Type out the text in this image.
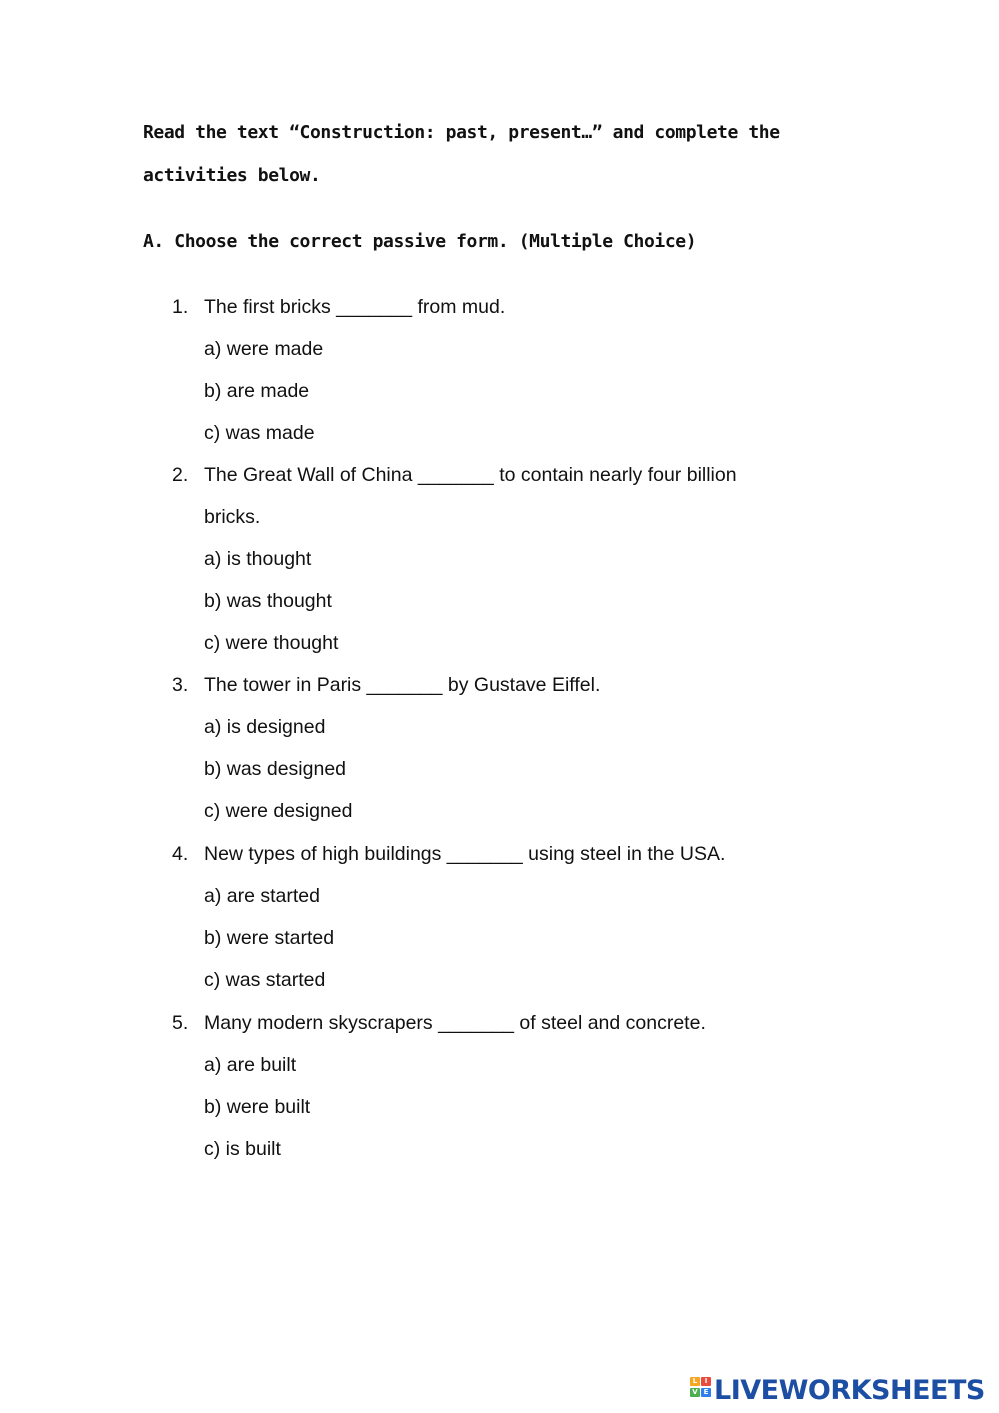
Read the text “Construction: past, present…” and complete the
activities below.
A. Choose the correct passive form. (Multiple Choice)
1. The first bricks _______ from mud.
a) were made
b) are made
c) was made
2. The Great Wall of China _______ to contain nearly four billion
bricks.
a) is thought
b) was thought
c) were thought
3. The tower in Paris _______ by Gustave Eiffel.
a) is designed
b) was designed
c) were designed
4. New types of high buildings _______ using steel in the USA.
a) are started
b) were started
c) was started
5. Many modern skyscrapers _______ of steel and concrete.
a) are built
b) were built
c) is built
L	I
V E LIVEWORKSHEETS
